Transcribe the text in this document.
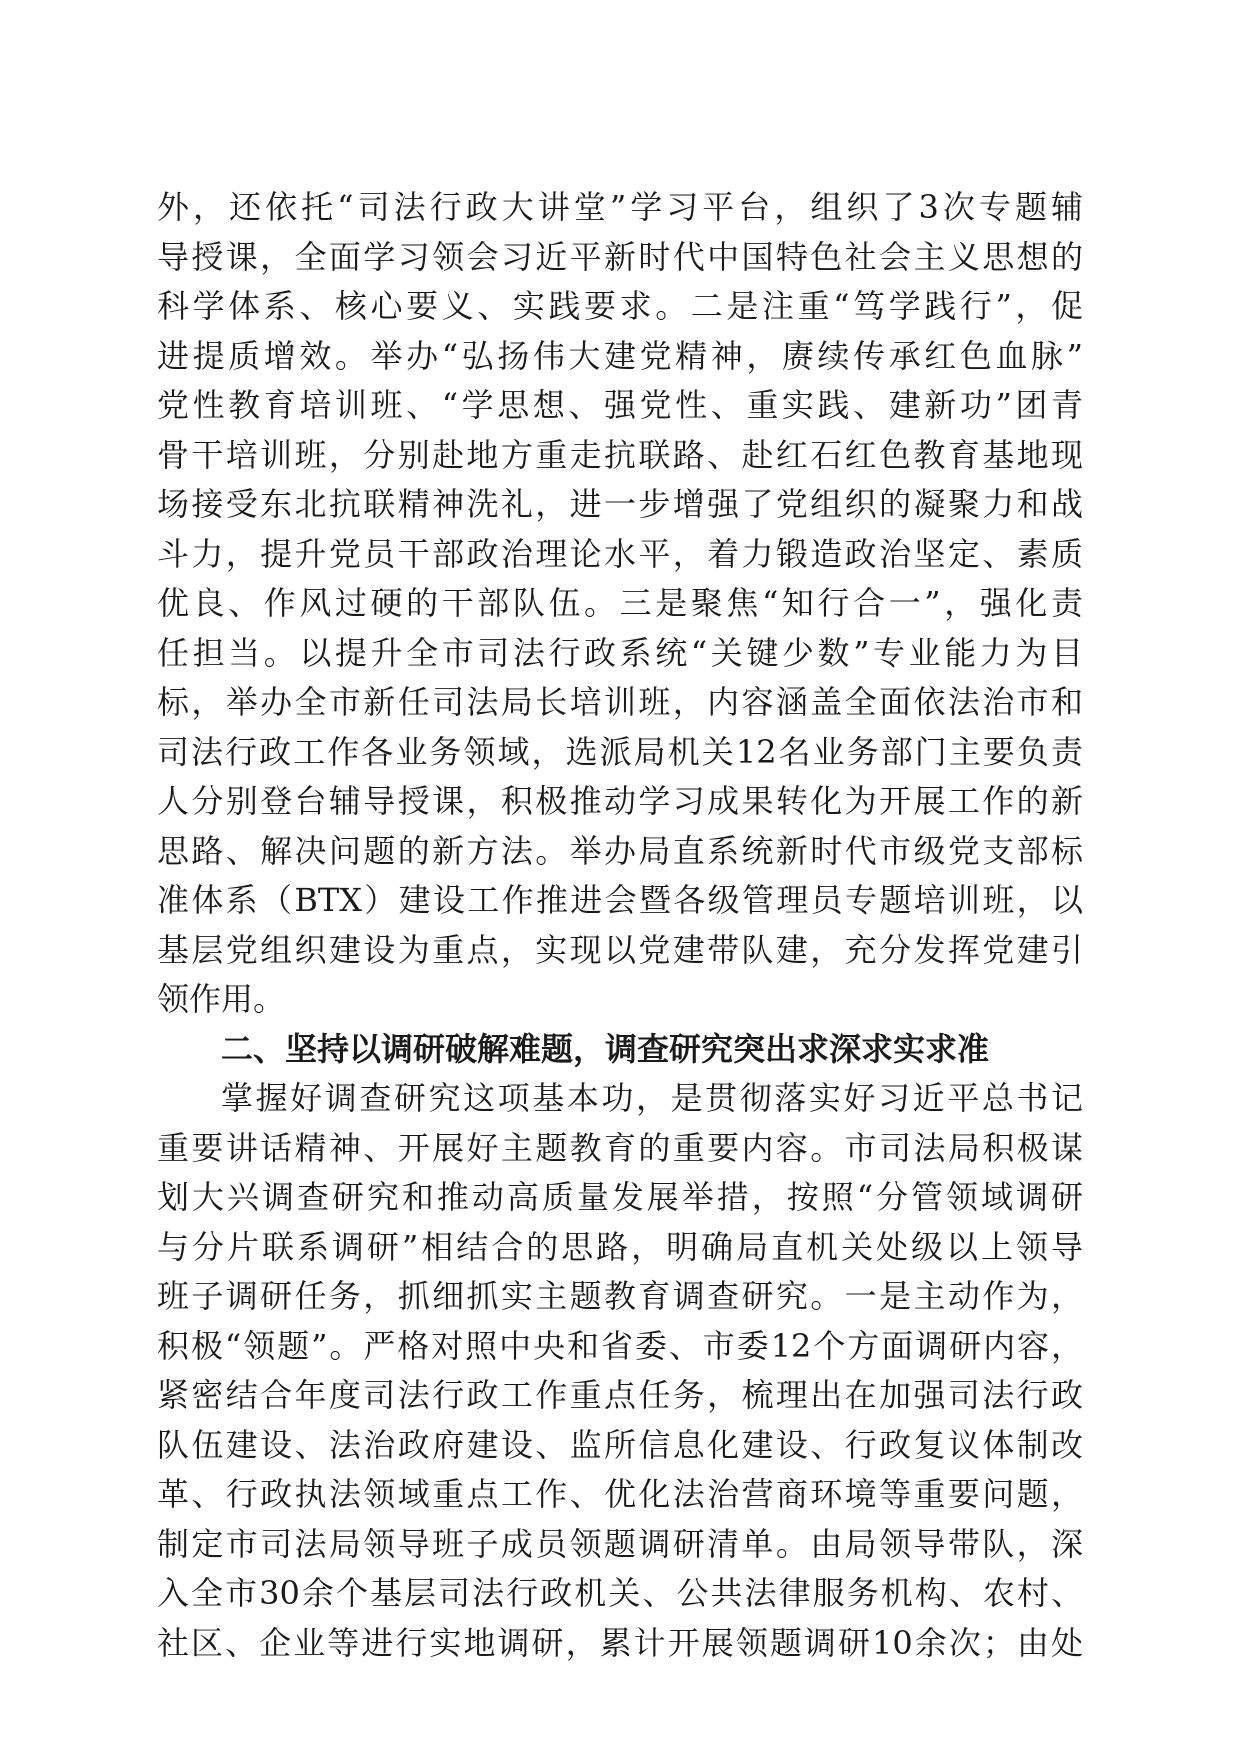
外，还依托“司法行政大讲堂”学习平台，组织了3次专题辅
导授课，全面学习领会习近平新时代中国特色社会主义思想的
科学体系、核心要义、实践要求。二是注重“笃学践行”，促
进提质增效。举办“弘扬伟大建党精神，赓续传承红色血脉”
党性教育培训班、“学思想、强党性、重实践、建新功”团青
骨干培训班，分别赴地方重走抗联路、赴红石红色教育基地现
场接受东北抗联精神洗礼，进一步增强了党组织的凝聚力和战
斗力，提升党员干部政治理论水平，着力锻造政治坚定、素质
优良、作风过硬的干部队伍。三是聚焦“知行合一”，强化责
任担当。以提升全市司法行政系统“关键少数”专业能力为目
标，举办全市新任司法局长培训班，内容涵盖全面依法治市和
司法行政工作各业务领域，选派局机关12名业务部门主要负责
人分别登台辅导授课，积极推动学习成果转化为开展工作的新
思路、解决问题的新方法。举办局直系统新时代市级党支部标
准体系（BTX）建设工作推进会暨各级管理员专题培训班，以
基层党组织建设为重点，实现以党建带队建，充分发挥党建引
领作用。
二、坚持以调研破解难题，调查研究突出求深求实求准
掌握好调查研究这项基本功，是贯彻落实好习近平总书记
重要讲话精神、开展好主题教育的重要内容。市司法局积极谋
划大兴调查研究和推动高质量发展举措，按照“分管领域调研
与分片联系调研”相结合的思路，明确局直机关处级以上领导
班子调研任务，抓细抓实主题教育调查研究。一是主动作为，
积极“领题”。严格对照中央和省委、市委12个方面调研内容，
紧密结合年度司法行政工作重点任务，梳理出在加强司法行政
队伍建设、法治政府建设、监所信息化建设、行政复议体制改
革、行政执法领域重点工作、优化法治营商环境等重要问题，
制定市司法局领导班子成员领题调研清单。由局领导带队，深
入全市30余个基层司法行政机关、公共法律服务机构、农村、
社区、企业等进行实地调研，累计开展领题调研10余次；由处
